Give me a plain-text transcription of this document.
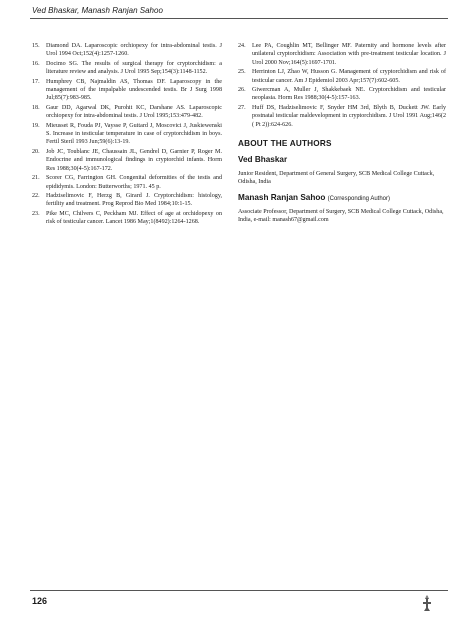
Ved Bhaskar, Manash Ranjan Sahoo
15.	Diamond DA. Laparoscopic orchiopexy for intra-abdominal testis. J Urol 1994 Oct;152(4):1257-1260.
16.	Docimo SG. The results of surgical therapy for cryptorchidism: a literature review and analysis. J Urol 1995 Sep;154(3):1148-1152.
17.	Humphrey CB, Najmaldin AS, Thomas DF. Laparoscopy in the management of the impalpable undescended testis. Br J Surg 1998 Jul;85(7):983-985.
18.	Gaur DD, Agarwal DK, Purohit KC, Darshane AS. Laparoscopic orchiopexy for intra-abdominal testis. J Urol 1995;153:479-482.
19.	Mieusset R, Fouda PJ, Vaysse P, Guitard J, Moscovici J, Juskiewenski S. Increase in testicular temperature in case of cryptorchidism in boys. Fertil Steril 1993 Jun;59(6):13-19.
20.	Job JC, Toublanc JE, Chaussain JL, Gendrel D, Garnier P, Roger M. Endocrine and immunological findings in cryptorchid infants. Horm Res 1988;30(4-5):167-172.
21.	Scorer CG, Farrington GH. Congenital deformities of the testis and epididymis. London: Butterworths; 1971. 45 p.
22.	Hadziselimovic F, Herzg B, Girard J. Cryptorchidism: histology, fertility and treatment. Prog Reprod Bio Med 1984;10:1-15.
23.	Pike MC, Chilvers C, Peckham MJ. Effect of age at orchidopexy on risk of testicular cancer. Lancet 1986 May;1(8492):1264-1268.
24.	Lee PA, Coughlin MT, Bellinger MF. Paternity and hormone levels after unilateral cryptorchidism: Association with pre-treatment testicular location. J Urol 2000 Nov;164(5):1697-1701.
25.	Herrinton LJ, Zhao W, Husson G. Management of cryptorchidism and risk of testicular cancer. Am J Epidemiol 2003 Apr;157(7):602-605.
26.	Giwercman A, Muller J, Shakkebaek NE. Cryptorchidism and testicular neoplasia. Horm Res 1988;30(4-5):157-163.
27.	Huff DS, Hadziselimovic F, Snyder HM 3rd, Blyth B, Duckett JW. Early postnatal testicular maldevelopment in cryptorchidism. J Urol 1991 Aug;146(2 ( Pt 2)):624-626.
ABOUT THE AUTHORS
Ved Bhaskar
Junior Resident, Department of General Surgery, SCB Medical College Cuttack, Odisha, India
Manash Ranjan Sahoo (Corresponding Author)
Associate Professor, Department of Surgery, SCB Medical College Cuttack, Odisha, India, e-mail: manash67@gmail.com
126
